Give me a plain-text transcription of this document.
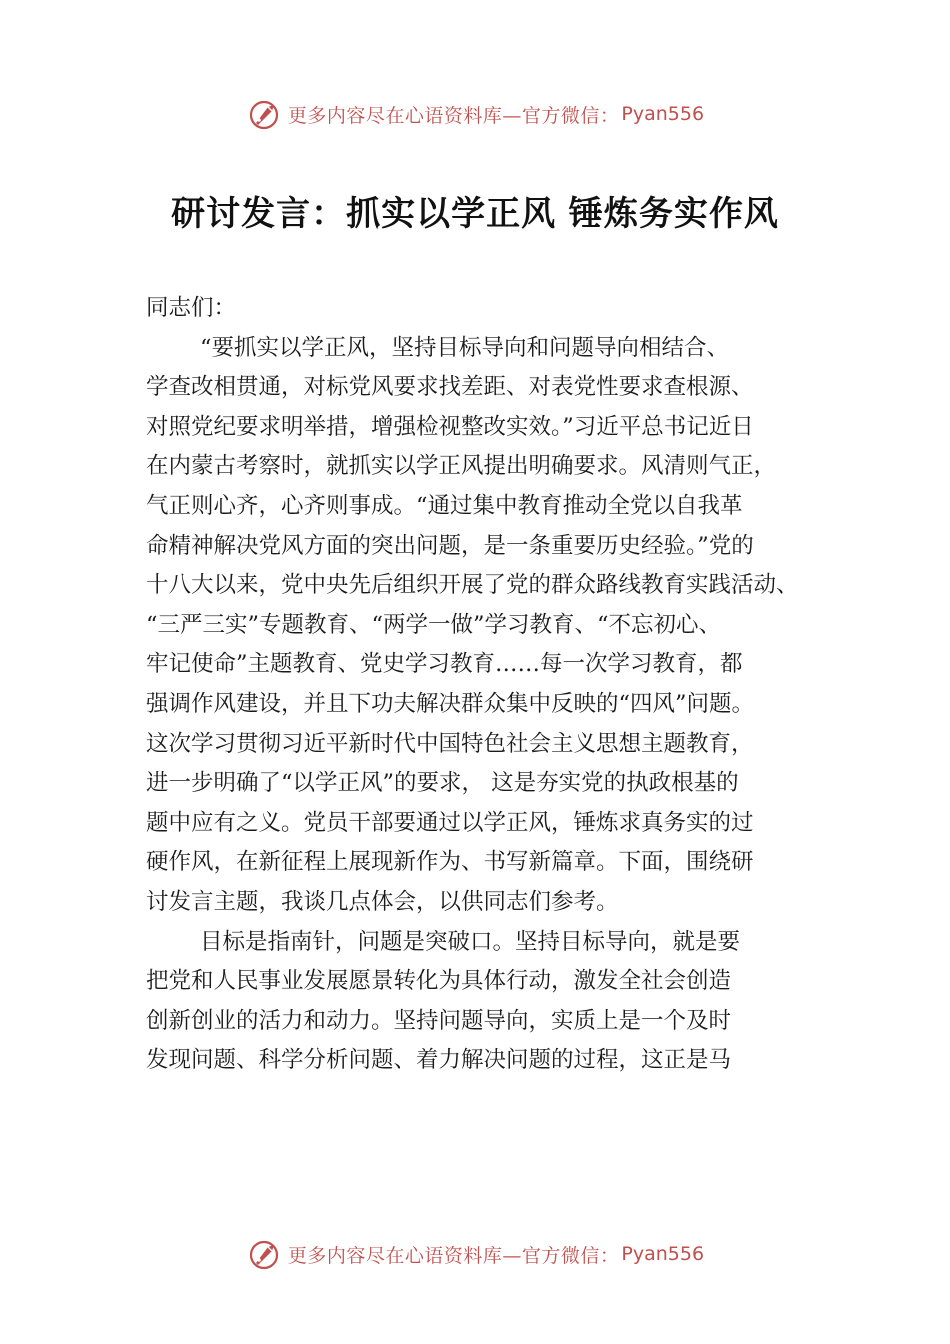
更多内容尽在心语资料库—官方微信： Pyan556
研讨发言：抓实以学正风 锤炼务实作风
同志们：
“要抓实以学正风，坚持目标导向和问题导向相结合、
学查改相贯通，对标党风要求找差距、对表党性要求查根源、
对照党纪要求明举措，增强检视整改实效。”习近平总书记近日
在内蒙古考察时，就抓实以学正风提出明确要求。风清则气正，
气正则心齐，心齐则事成。“通过集中教育推动全党以自我革
命精神解决党风方面的突出问题，是一条重要历史经验。”党的
十八大以来，党中央先后组织开展了党的群众路线教育实践活动、
“三严三实”专题教育、“两学一做”学习教育、“不忘初心、
牢记使命”主题教育、党史学习教育……每一次学习教育，都
强调作风建设，并且下功夫解决群众集中反映的“四风”问题。
这次学习贯彻习近平新时代中国特色社会主义思想主题教育，
进一步明确了“以学正风”的要求， 这是夯实党的执政根基的
题中应有之义。党员干部要通过以学正风，锤炼求真务实的过
硬作风，在新征程上展现新作为、书写新篇章。下面，围绕研
讨发言主题，我谈几点体会，以供同志们参考。
目标是指南针，问题是突破口。坚持目标导向，就是要
把党和人民事业发展愿景转化为具体行动，激发全社会创造
创新创业的活力和动力。坚持问题导向，实质上是一个及时
发现问题、科学分析问题、着力解决问题的过程，这正是马
更多内容尽在心语资料库—官方微信： Pyan556
